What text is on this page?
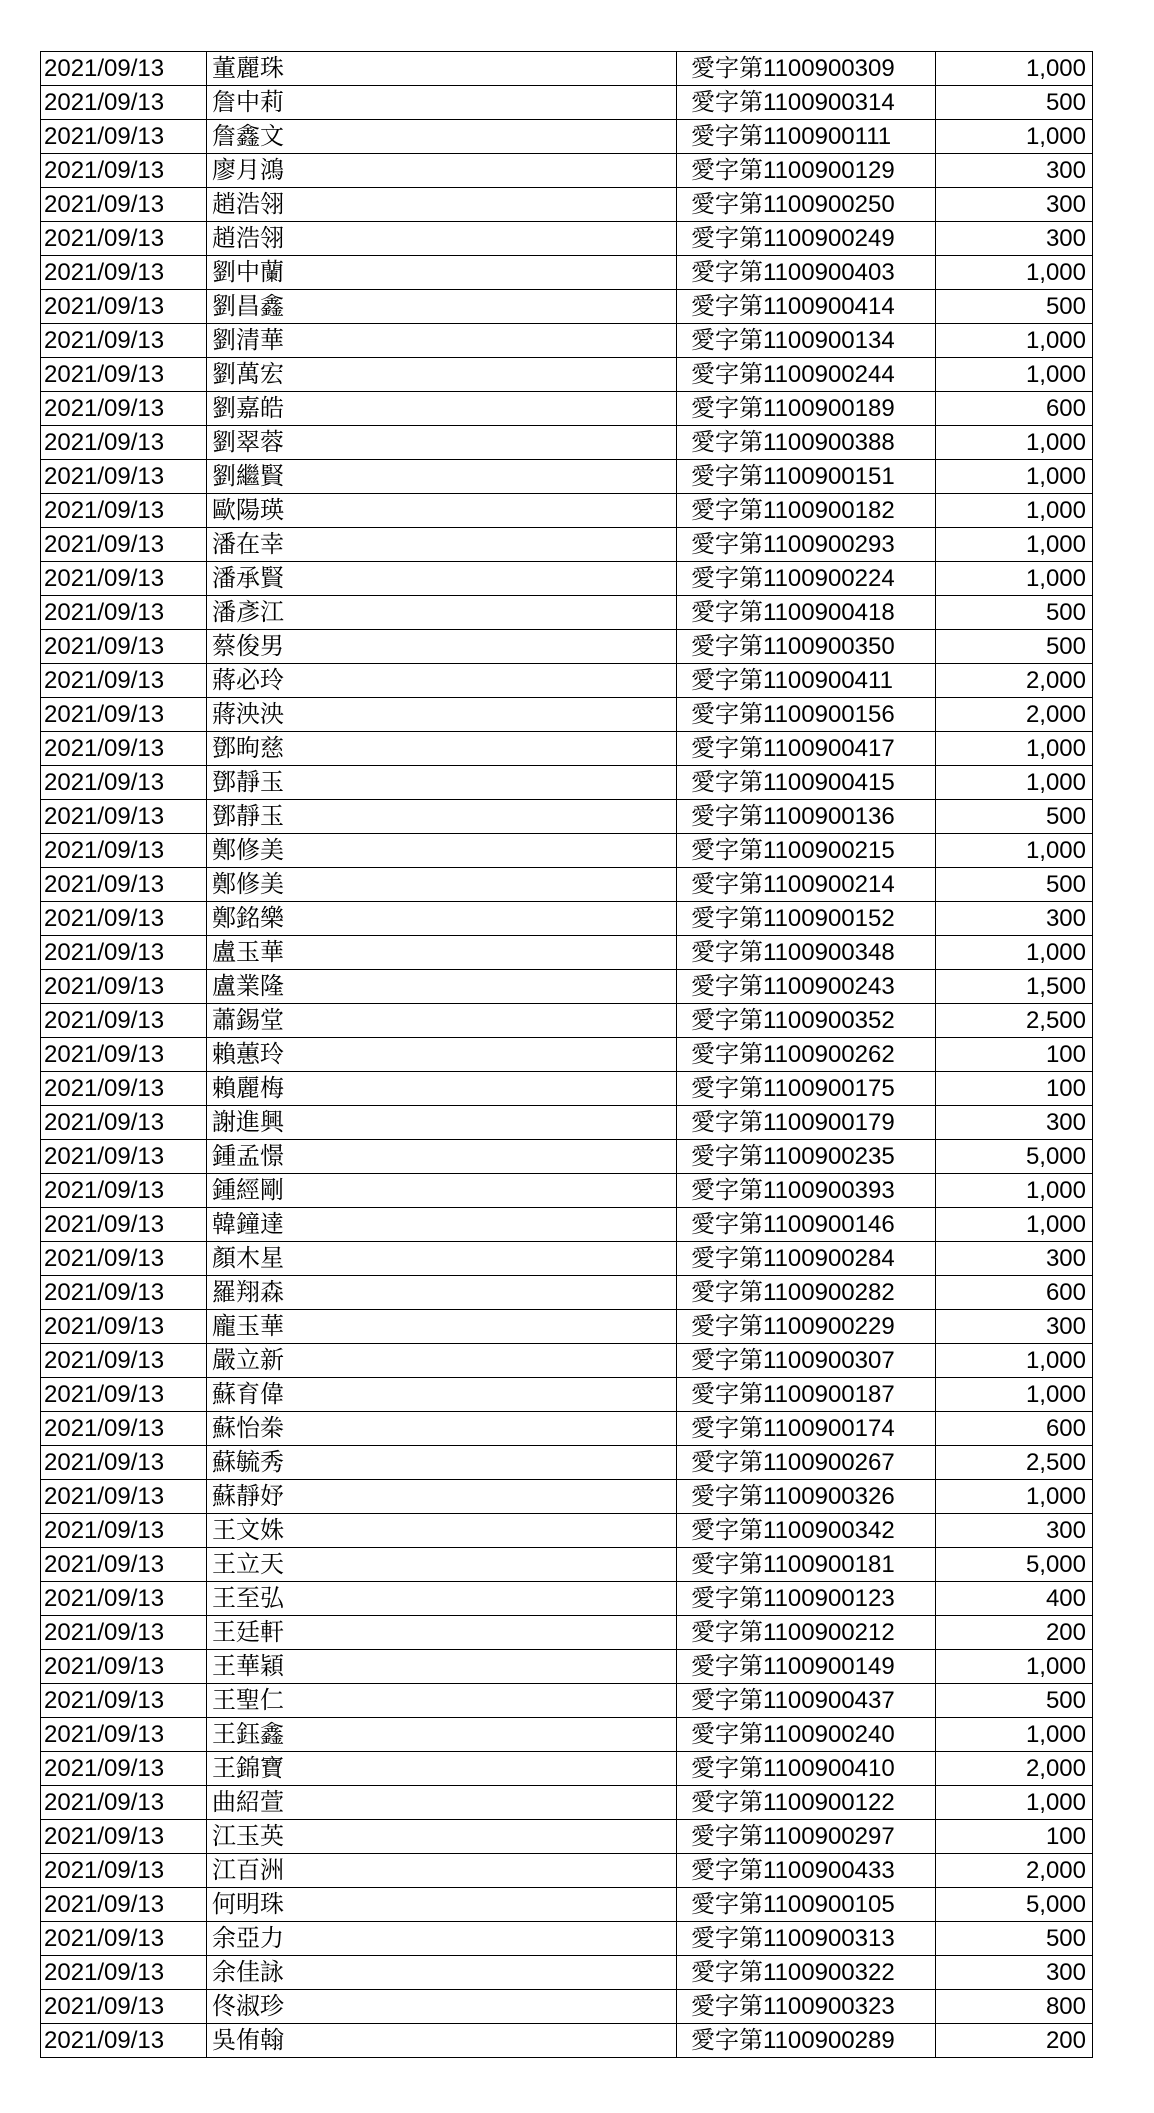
2021/09/13	董麗珠	愛字第1100900309	1,000
2021/09/13	詹中莉	愛字第1100900314	500
2021/09/13	詹鑫文	愛字第1100900111	1,000
2021/09/13	廖月鴻	愛字第1100900129	300
2021/09/13	趙浩翎	愛字第1100900250	300
2021/09/13	趙浩翎	愛字第1100900249	300
2021/09/13	劉中蘭	愛字第1100900403	1,000
2021/09/13	劉昌鑫	愛字第1100900414	500
2021/09/13	劉清華	愛字第1100900134	1,000
2021/09/13	劉萬宏	愛字第1100900244	1,000
2021/09/13	劉嘉皓	愛字第1100900189	600
2021/09/13	劉翠蓉	愛字第1100900388	1,000
2021/09/13	劉繼賢	愛字第1100900151	1,000
2021/09/13	歐陽瑛	愛字第1100900182	1,000
2021/09/13	潘在幸	愛字第1100900293	1,000
2021/09/13	潘承賢	愛字第1100900224	1,000
2021/09/13	潘彥江	愛字第1100900418	500
2021/09/13	蔡俊男	愛字第1100900350	500
2021/09/13	蔣必玲	愛字第1100900411	2,000
2021/09/13	蔣泱泱	愛字第1100900156	2,000
2021/09/13	鄧昫慈	愛字第1100900417	1,000
2021/09/13	鄧靜玉	愛字第1100900415	1,000
2021/09/13	鄧靜玉	愛字第1100900136	500
2021/09/13	鄭修美	愛字第1100900215	1,000
2021/09/13	鄭修美	愛字第1100900214	500
2021/09/13	鄭銘樂	愛字第1100900152	300
2021/09/13	盧玉華	愛字第1100900348	1,000
2021/09/13	盧業隆	愛字第1100900243	1,500
2021/09/13	蕭錫堂	愛字第1100900352	2,500
2021/09/13	賴蕙玲	愛字第1100900262	100
2021/09/13	賴麗梅	愛字第1100900175	100
2021/09/13	謝進興	愛字第1100900179	300
2021/09/13	鍾孟憬	愛字第1100900235	5,000
2021/09/13	鍾經剛	愛字第1100900393	1,000
2021/09/13	韓鐘達	愛字第1100900146	1,000
2021/09/13	顏木星	愛字第1100900284	300
2021/09/13	羅翔森	愛字第1100900282	600
2021/09/13	龐玉華	愛字第1100900229	300
2021/09/13	嚴立新	愛字第1100900307	1,000
2021/09/13	蘇育偉	愛字第1100900187	1,000
2021/09/13	蘇怡桊	愛字第1100900174	600
2021/09/13	蘇毓秀	愛字第1100900267	2,500
2021/09/13	蘇靜妤	愛字第1100900326	1,000
2021/09/13	王文姝	愛字第1100900342	300
2021/09/13	王立天	愛字第1100900181	5,000
2021/09/13	王至弘	愛字第1100900123	400
2021/09/13	王廷軒	愛字第1100900212	200
2021/09/13	王華穎	愛字第1100900149	1,000
2021/09/13	王聖仁	愛字第1100900437	500
2021/09/13	王鈺鑫	愛字第1100900240	1,000
2021/09/13	王錦寶	愛字第1100900410	2,000
2021/09/13	曲紹萱	愛字第1100900122	1,000
2021/09/13	江玉英	愛字第1100900297	100
2021/09/13	江百洲	愛字第1100900433	2,000
2021/09/13	何明珠	愛字第1100900105	5,000
2021/09/13	余亞力	愛字第1100900313	500
2021/09/13	余佳詠	愛字第1100900322	300
2021/09/13	佟淑珍	愛字第1100900323	800
2021/09/13	吳侑翰	愛字第1100900289	200
